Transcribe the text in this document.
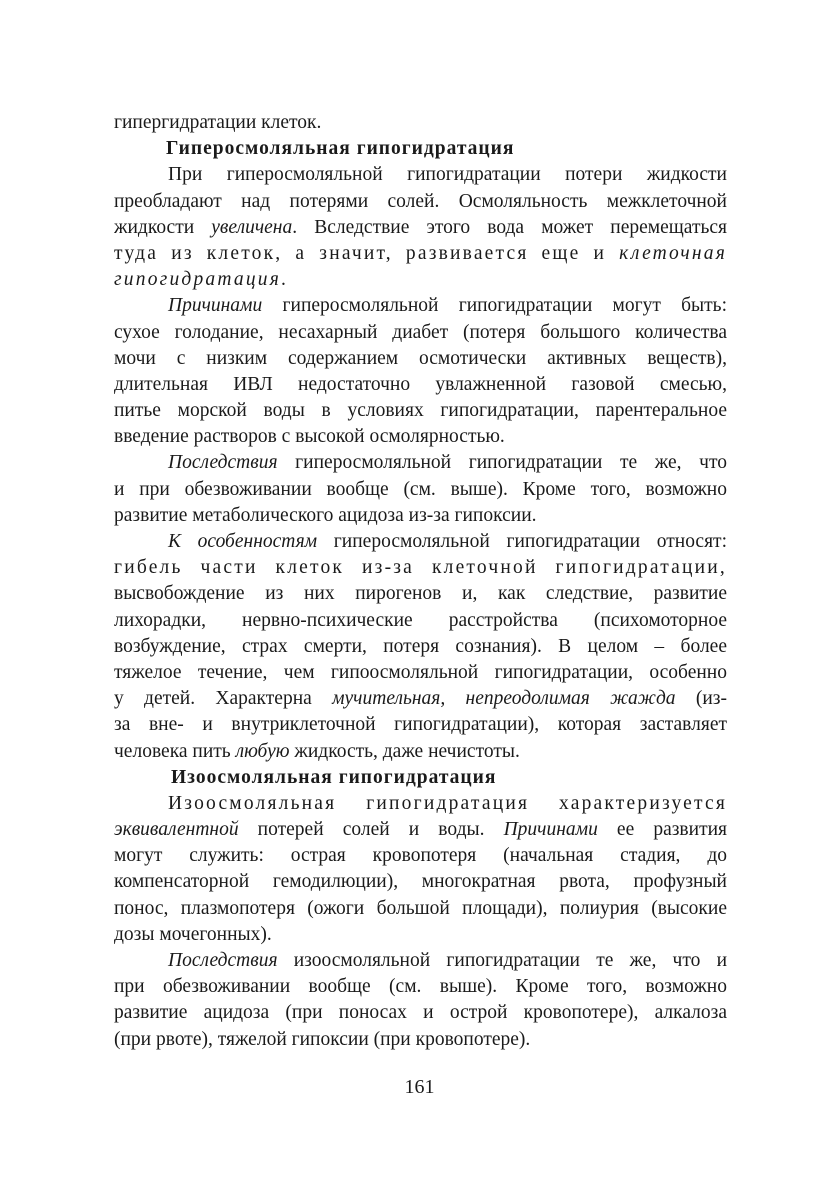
гипергидратации клеток.
Гиперосмоляльная гипогидратация
При гиперосмоляльной гипогидратации потери жидкости
преобладают над потерями солей. Осмоляльность межклеточной
жидкости увеличена. Вследствие этого вода может перемещаться
туда из клеток, а значит, развивается еще и клеточная
гипогидратация.
Причинами гиперосмоляльной гипогидратации могут быть:
сухое голодание, несахарный диабет (потеря большого количества
мочи с низким содержанием осмотически активных веществ),
длительная ИВЛ недостаточно увлажненной газовой смесью,
питье морской воды в условиях гипогидратации, парентеральное
введение растворов с высокой осмолярностью.
Последствия гиперосмоляльной гипогидратации те же, что
и при обезвоживании вообще (см. выше). Кроме того, возможно
развитие метаболического ацидоза из-за гипоксии.
К особенностям гиперосмоляльной гипогидратации относят:
гибель части клеток из-за клеточной гипогидратации,
высвобождение из них пирогенов и, как следствие, развитие
лихорадки, нервно-психические расстройства (психомоторное
возбуждение, страх смерти, потеря сознания). В целом – более
тяжелое течение, чем гипоосмоляльной гипогидратации, особенно
у детей. Характерна мучительная, непреодолимая жажда (из-
за вне- и внутриклеточной гипогидратации), которая заставляет
человека пить любую жидкость, даже нечистоты.
Изоосмоляльная гипогидратация
Изоосмоляльная гипогидратация характеризуется
эквивалентной потерей солей и воды. Причинами ее развития
могут служить: острая кровопотеря (начальная стадия, до
компенсаторной гемодилюции), многократная рвота, профузный
понос, плазмопотеря (ожоги большой площади), полиурия (высокие
дозы мочегонных).
Последствия изоосмоляльной гипогидратации те же, что и
при обезвоживании вообще (см. выше). Кроме того, возможно
развитие ацидоза (при поносах и острой кровопотере), алкалоза
(при рвоте), тяжелой гипоксии (при кровопотере).
161
